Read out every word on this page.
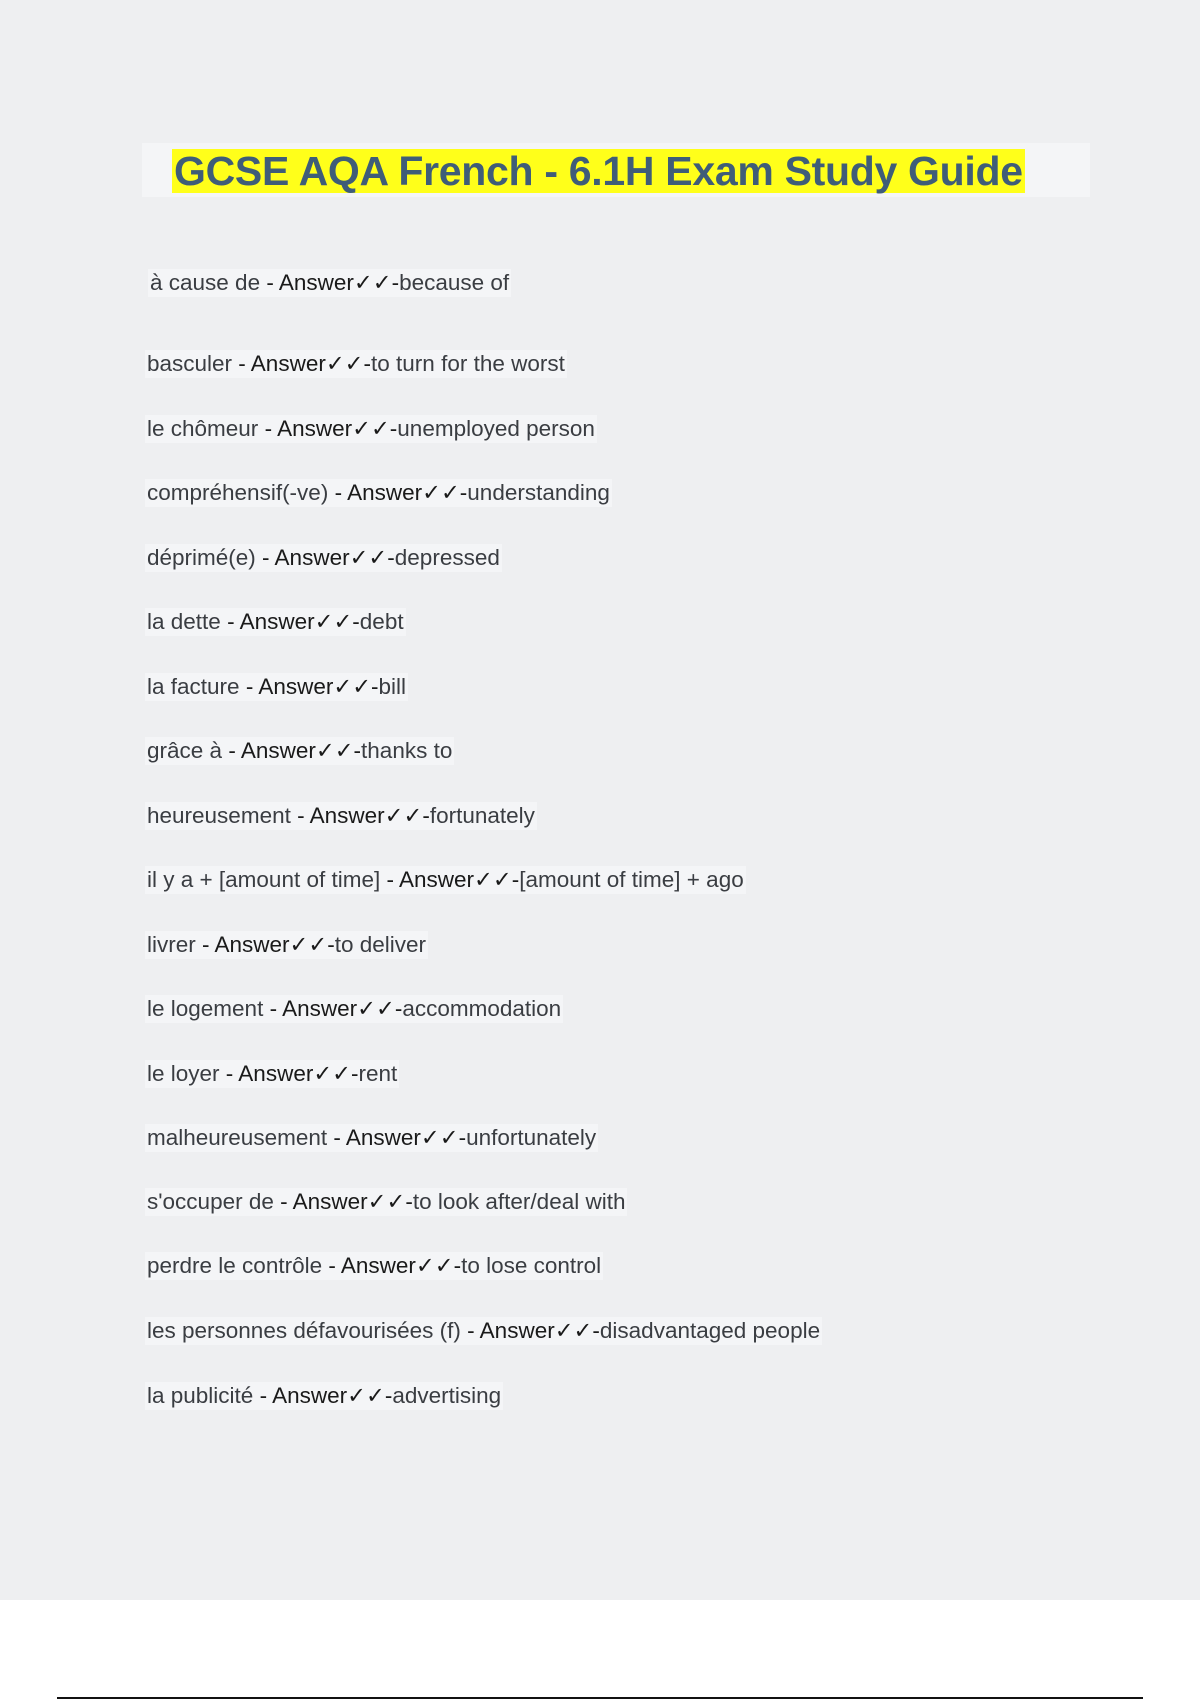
GCSE AQA French - 6.1H Exam Study Guide
à cause de - Answer✓✓-because of
basculer - Answer✓✓-to turn for the worst
le chômeur - Answer✓✓-unemployed person
compréhensif(-ve) - Answer✓✓-understanding
déprimé(e) - Answer✓✓-depressed
la dette - Answer✓✓-debt
la facture - Answer✓✓-bill
grâce à - Answer✓✓-thanks to
heureusement - Answer✓✓-fortunately
il y a + [amount of time] - Answer✓✓-[amount of time] + ago
livrer - Answer✓✓-to deliver
le logement - Answer✓✓-accommodation
le loyer - Answer✓✓-rent
malheureusement - Answer✓✓-unfortunately
s'occuper de - Answer✓✓-to look after/deal with
perdre le contrôle - Answer✓✓-to lose control
les personnes défavourisées (f) - Answer✓✓-disadvantaged people
la publicité - Answer✓✓-advertising
